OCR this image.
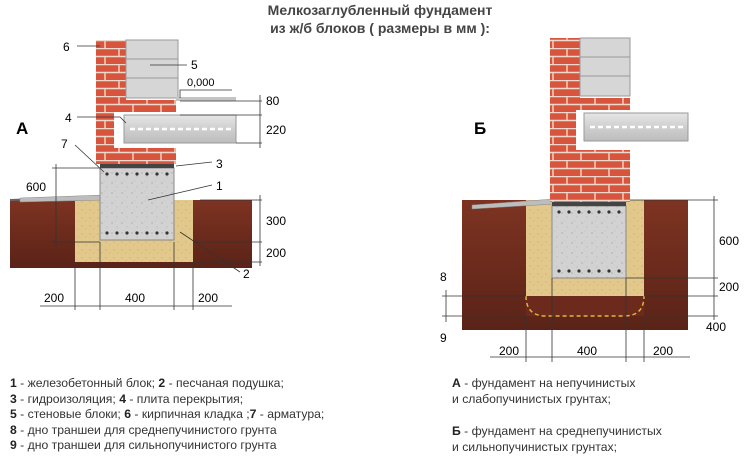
Мелкозаглубленный фундамент
из ж/б блоков ( размеры в мм ):
6
5
0,000
80
220
300
200
4
7
3
1
2
600
А
200	400	200
600
200
400
8
9
Б
200	400	200
1 - железобетонный блок; 2 - песчаная подушка;
3 - гидроизоляция; 4 - плита перекрытия;
5 - стеновые блоки; 6 - кирпичная кладка ;7 - арматура;
8 - дно траншеи для среднепучинистого грунта
9 - дно траншеи для сильнопучинистого грунта
А - фундамент на непучинистых
и слабопучинистых грунтах;
Б - фундамент на среднепучинистых
и сильнопучинистых грунтах;
